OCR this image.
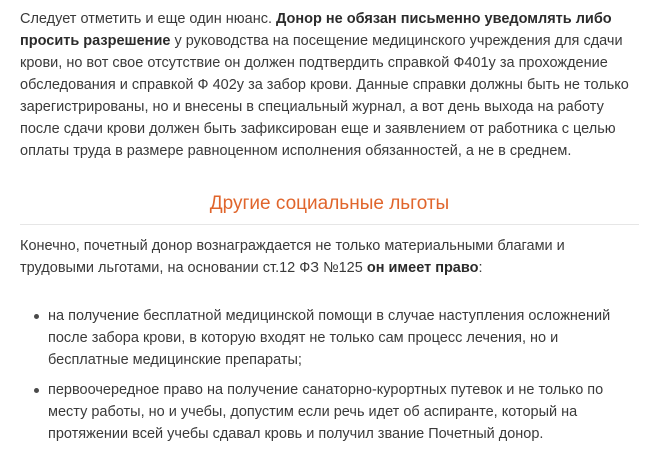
Следует отметить и еще один нюанс. Донор не обязан письменно уведомлять либо просить разрешение у руководства на посещение медицинского учреждения для сдачи крови, но вот свое отсутствие он должен подтвердить справкой Ф401у за прохождение обследования и справкой Ф 402у за забор крови. Данные справки должны быть не только зарегистрированы, но и внесены в специальный журнал, а вот день выхода на работу после сдачи крови должен быть зафиксирован еще и заявлением от работника с целью оплаты труда в размере равноценном исполнения обязанностей, а не в среднем.

Другие социальные льготы

Конечно, почетный донор вознаграждается не только материальными благами и трудовыми льготами, на основании ст.12 ФЗ №125 он имеет право:

на получение бесплатной медицинской помощи в случае наступления осложнений после забора крови, в которую входят не только сам процесс лечения, но и бесплатные медицинские препараты;
первоочередное право на получение санаторно-курортных путевок и не только по месту работы, но и учебы, допустим если речь идет об аспиранте, который на протяжении всей учебы сдавал кровь и получил звание Почетный донор.
